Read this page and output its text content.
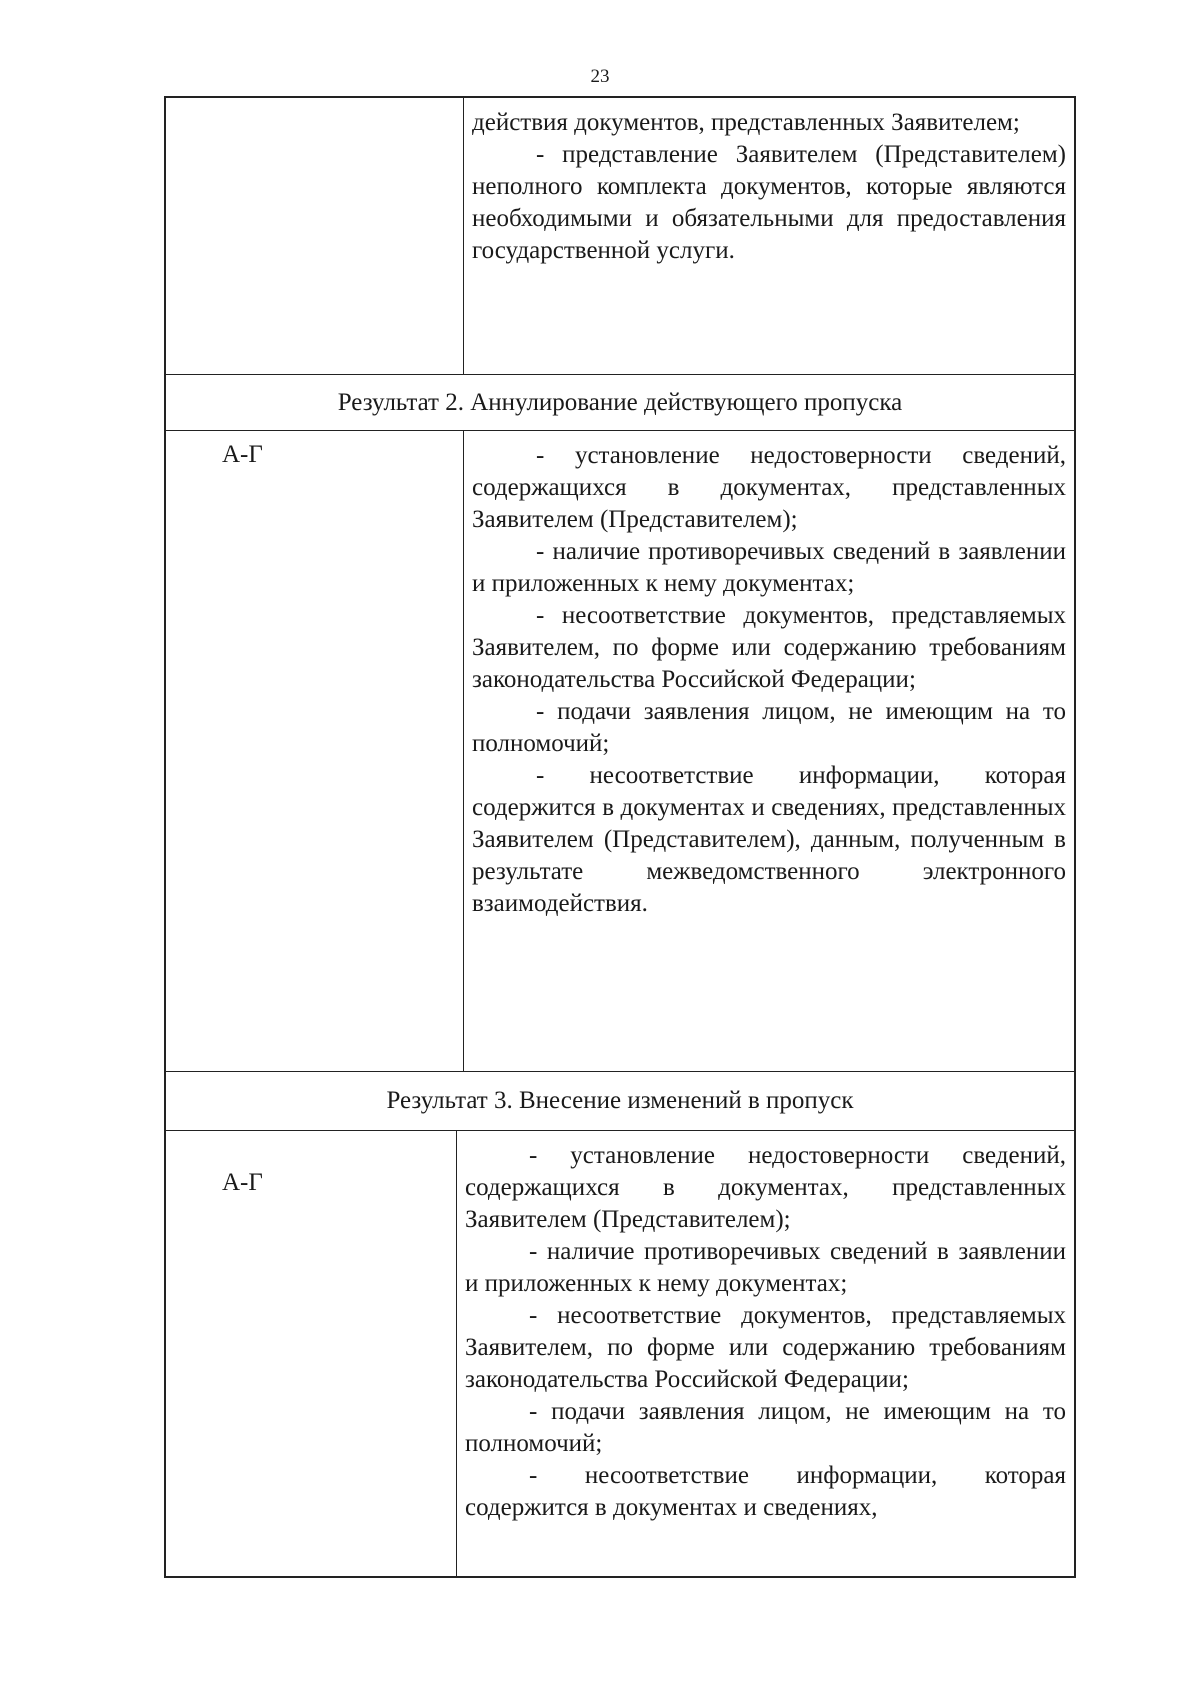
23

действия документов, представленных Заявителем;

- представление Заявителем (Представителем) неполного комплекта документов, которые являются необходимыми и обязательными для предоставления государственной услуги.

Результат 2. Аннулирование действующего пропуска
А-Г	- установление недостоверности сведений, содержащихся в документах, представленных Заявителем (Представителем);

- наличие противоречивых сведений в заявлении и приложенных к нему документах;

- несоответствие документов, представляемых Заявителем, по форме или содержанию требованиям законодательства Российской Федерации;

- подачи заявления лицом, не имеющим на то полномочий;

- несоответствие информации, которая содержится в документах и сведениях, представленных Заявителем (Представителем), данным, полученным в результате межведомственного электронного взаимодействия.

Результат 3. Внесение изменений в пропуск
А-Г

- установление недостоверности сведений, содержащихся в документах, представленных Заявителем (Представителем);

- наличие противоречивых сведений в заявлении и приложенных к нему документах;

- несоответствие документов, представляемых Заявителем, по форме или содержанию требованиям законодательства Российской Федерации;

- подачи заявления лицом, не имеющим на то полномочий;

- несоответствие информации, которая содержится в документах и сведениях,
